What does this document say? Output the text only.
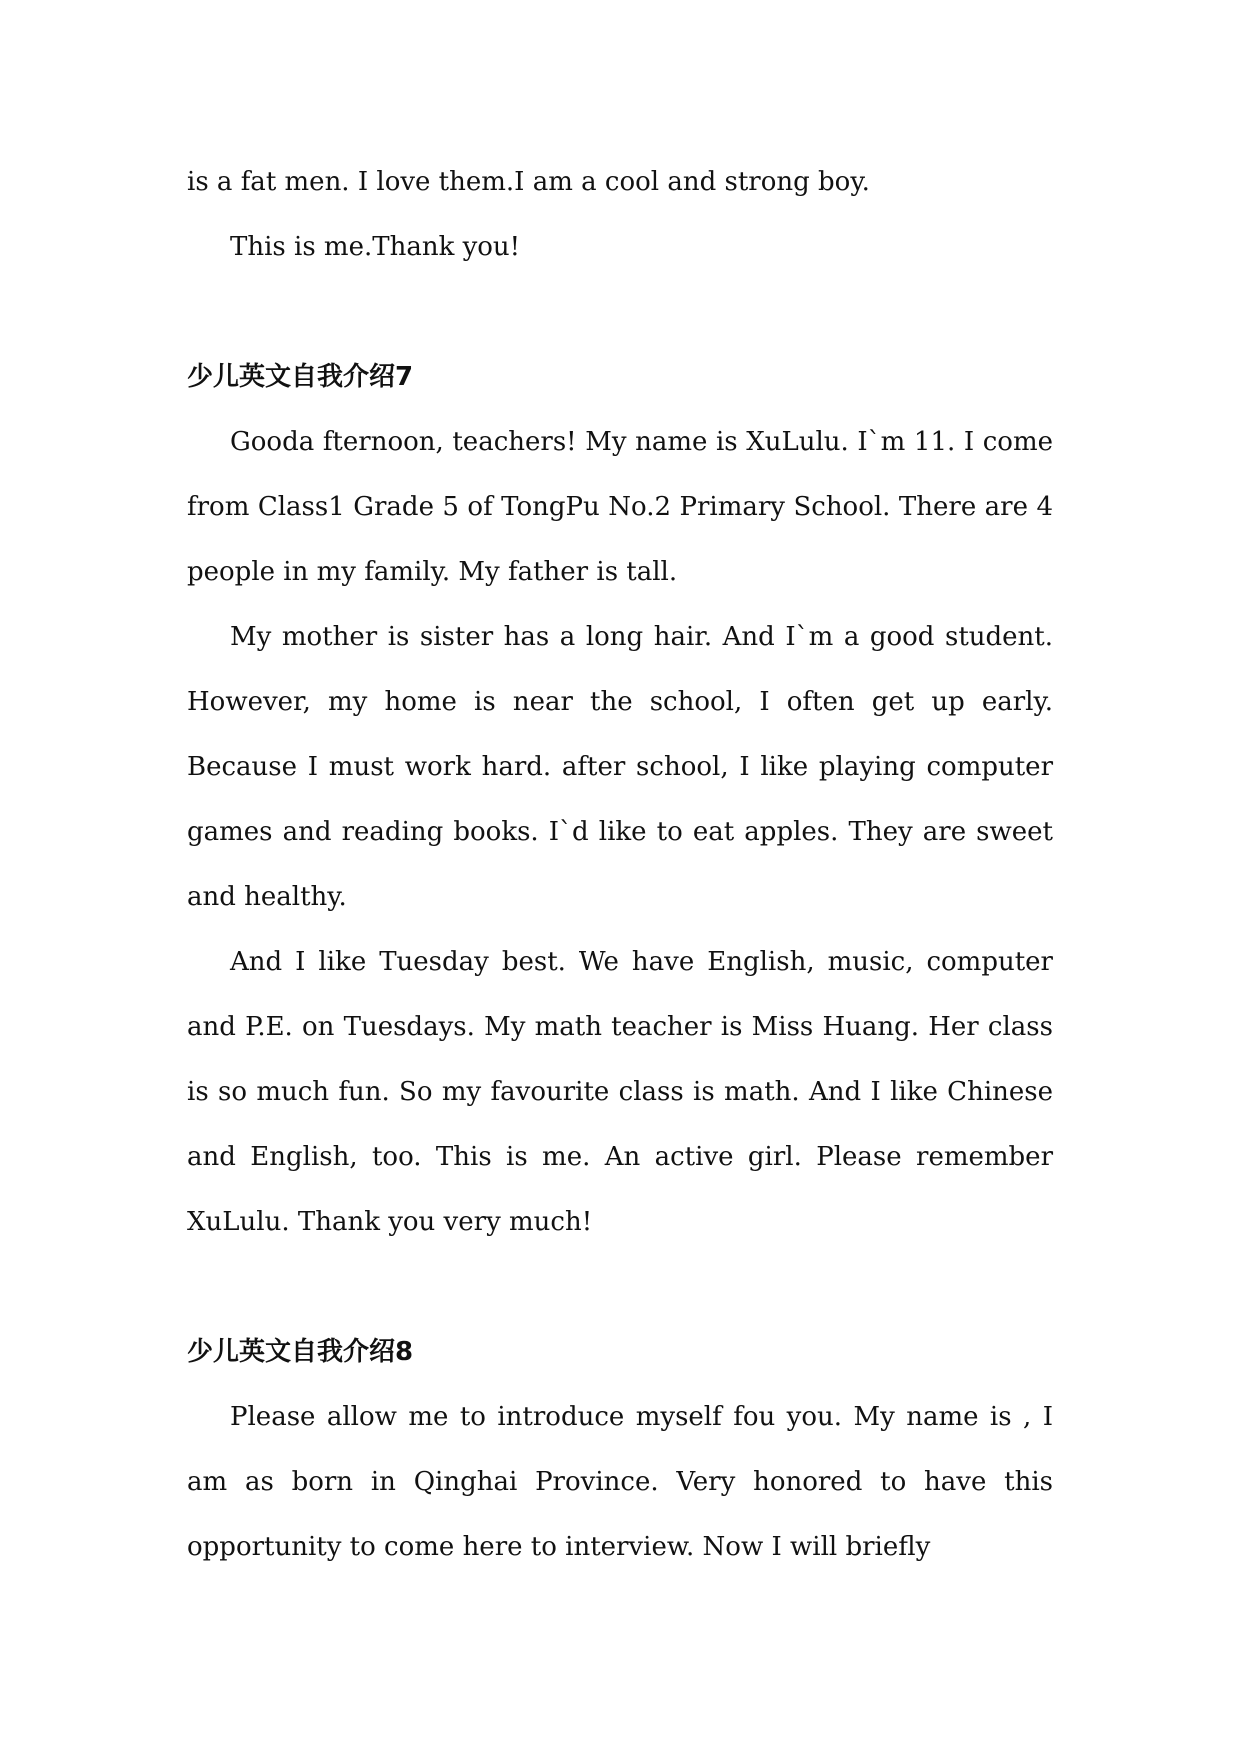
is a fat men. I love them.I am a cool and strong boy.

This is me.Thank you!

少儿英文自我介绍7

Gooda fternoon, teachers! My name is XuLulu. I`m 11. I come from Class1 Grade 5 of TongPu No.2 Primary School. There are 4 people in my family. My father is tall.

My mother is sister has a long hair. And I`m a good student. However, my home is near the school, I often get up early. Because I must work hard. after school, I like playing computer games and reading books. I`d like to eat apples. They are sweet and healthy.

And I like Tuesday best. We have English, music, computer and P.E. on Tuesdays. My math teacher is Miss Huang. Her class is so much fun. So my favourite class is math. And I like Chinese and English, too. This is me. An active girl. Please remember XuLulu. Thank you very much!

少儿英文自我介绍8

Please allow me to introduce myself fou you. My name is , I am as born in Qinghai Province. Very honored to have this opportunity to come here to interview. Now I will briefly
